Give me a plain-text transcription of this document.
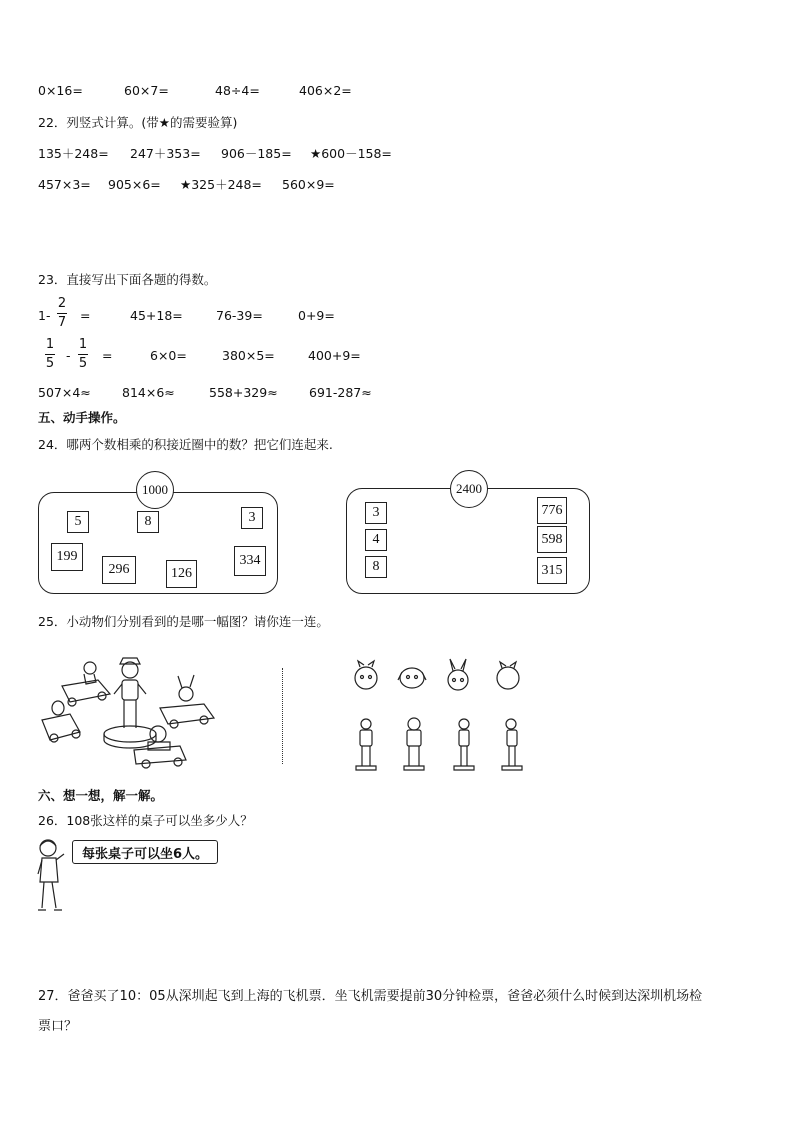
0×16=	60×7=	48÷4=	406×2=
22．列竖式计算。(带★的需要验算)
135＋248= 247＋353= 906－185= ★600－158=
457×3= 905×6= ★325＋248= 560×9=
23．直接写出下面各题的得数。
1-
2
7 =	45+18=	76-39=	0+9=
1
5
-
1
5
=	6×0=	380×5=	400+9=
507×4≈ 814×6≈	558+329≈	691-287≈
五、动手操作。
24．哪两个数相乘的积接近圈中的数？把它们连起来.
1000
5	8	3
199
296	126
334
2400
3
4
8
776
598
315
25．小动物们分别看到的是哪一幅图？请你连一连。
六、想一想，解一解。
26．108张这样的桌子可以坐多少人？
每张桌子可以坐6人。
27．爸爸买了10：05从深圳起飞到上海的飞机票．坐飞机需要提前30分钟检票，爸爸必须什么时候到达深圳机场检
票口？
